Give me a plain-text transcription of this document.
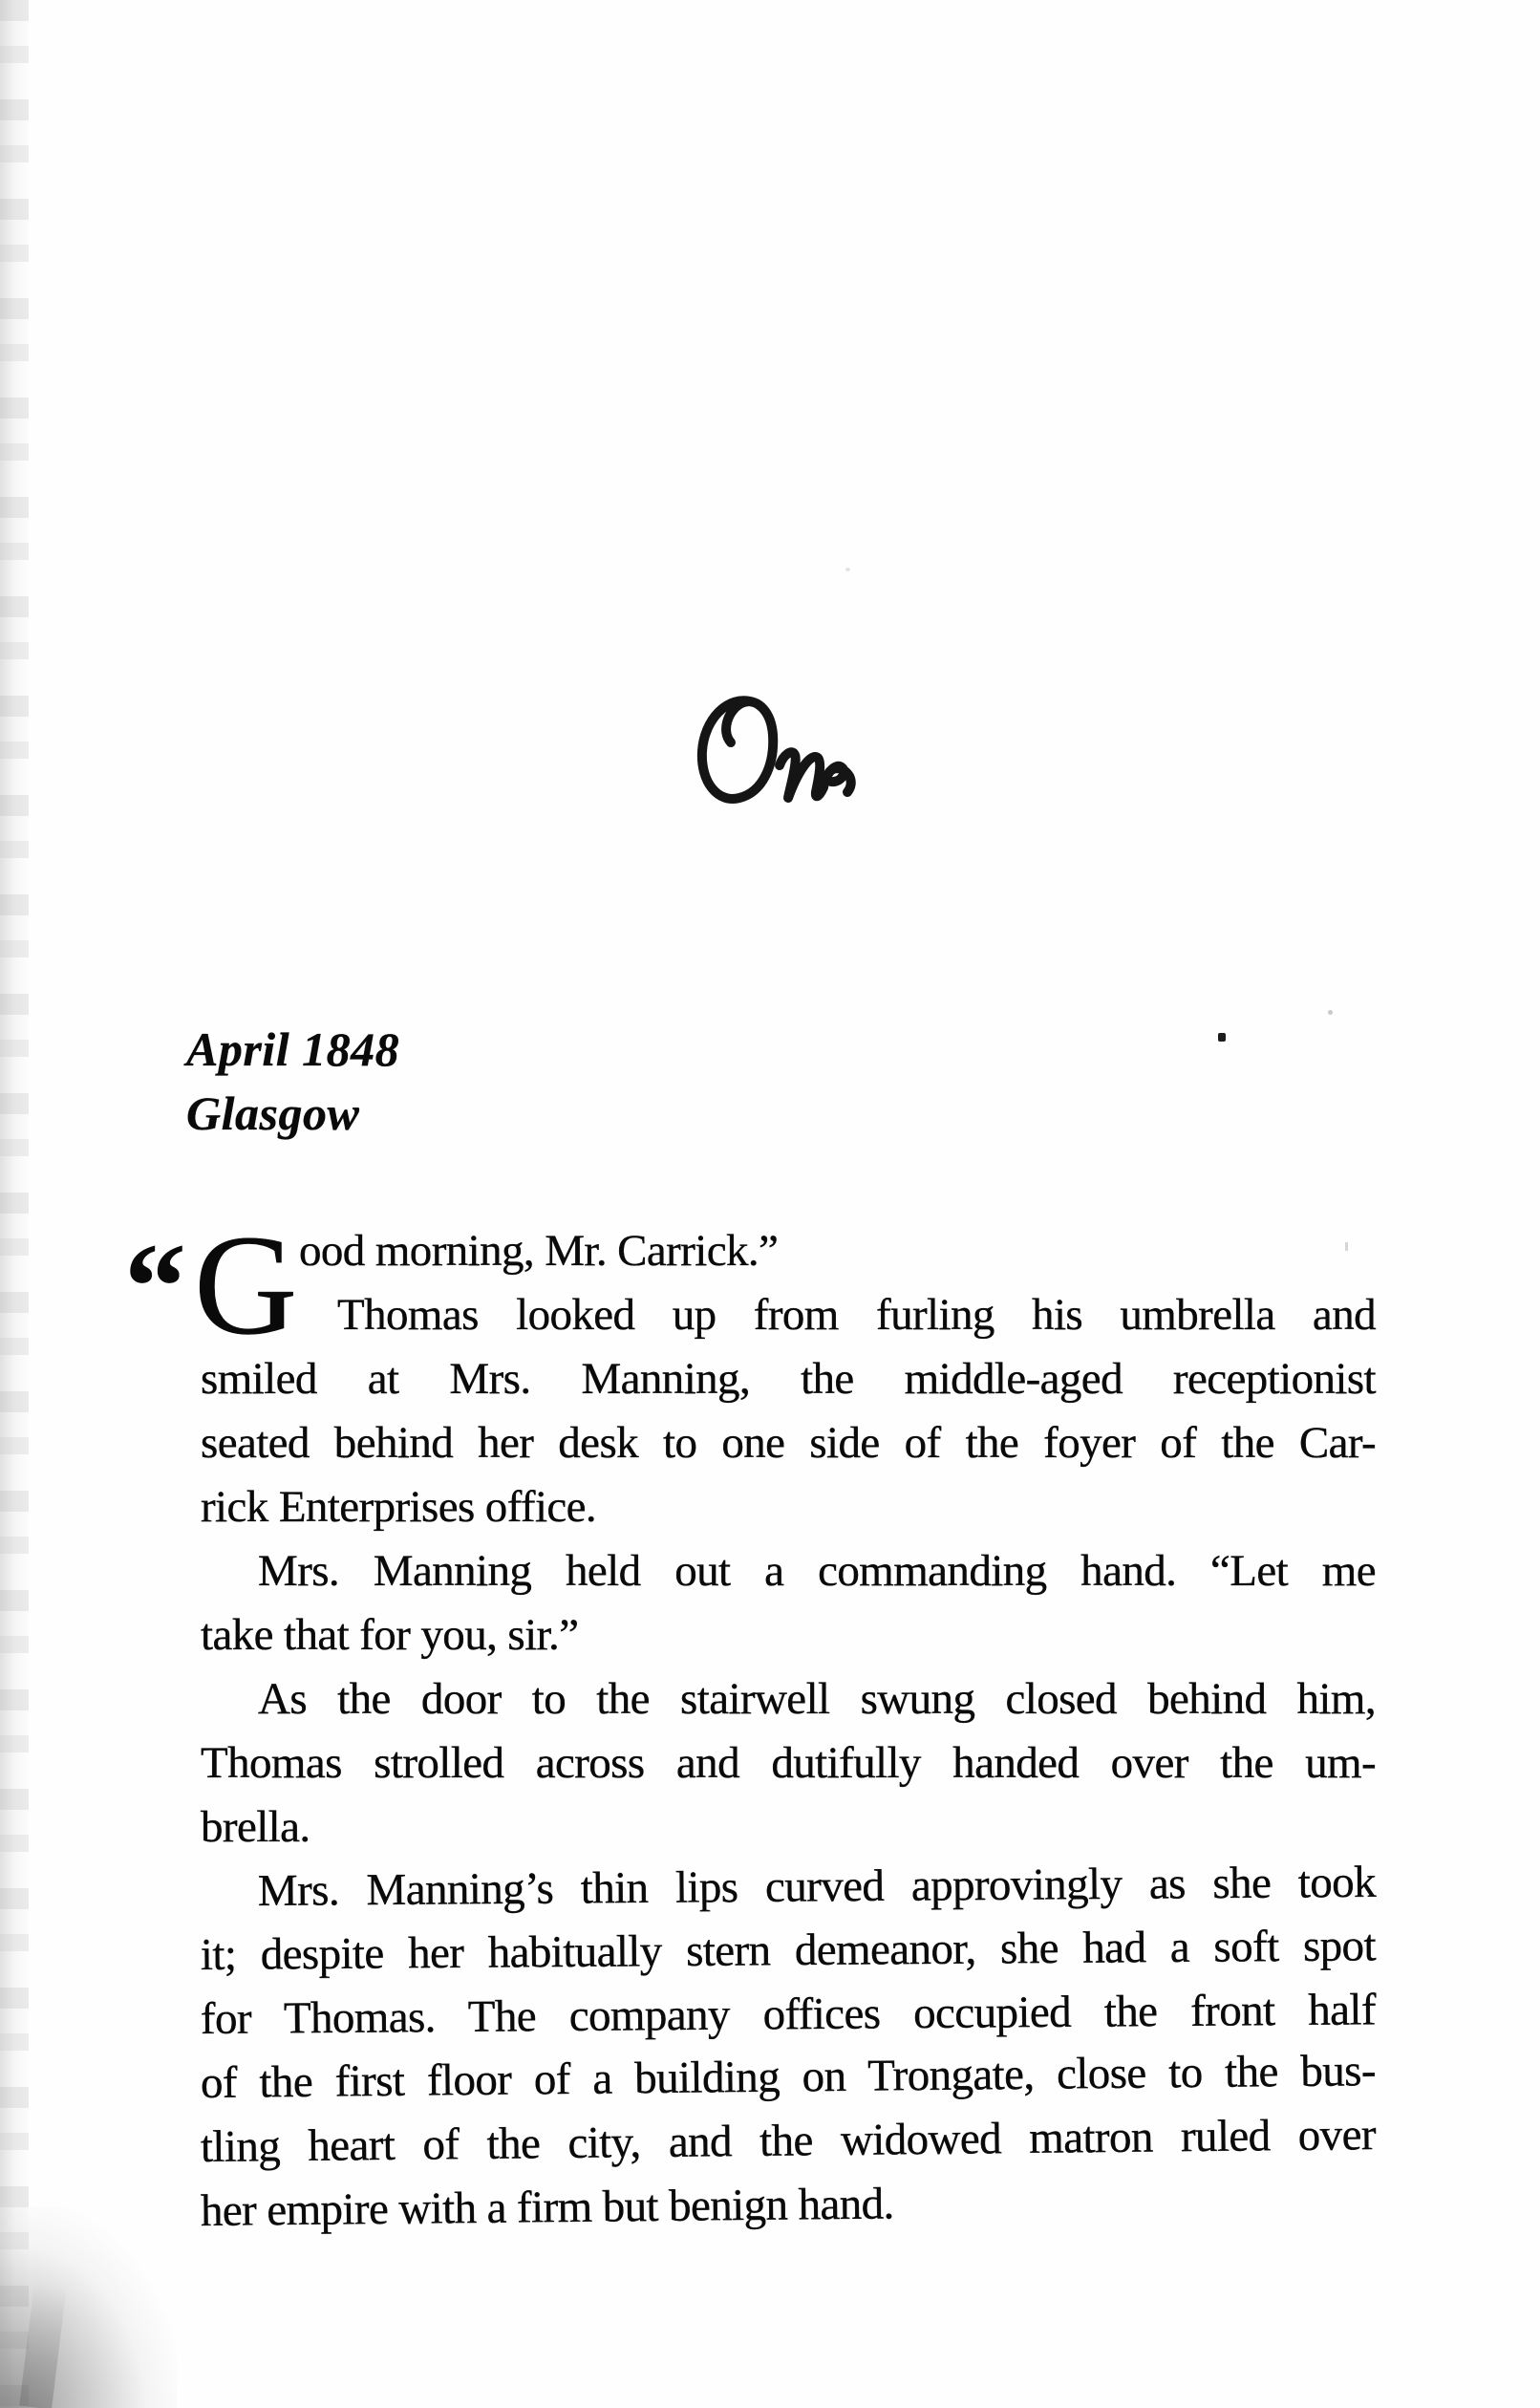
April 1848
Glasgow
“ G ood morning, Mr. Carrick.”
Thomas looked up from furling his umbrella and
smiled at Mrs. Manning, the middle-aged receptionist
seated behind her desk to one side of the foyer of the Car-
rick Enterprises office.
Mrs. Manning held out a commanding hand. “Let me
take that for you, sir.”
As the door to the stairwell swung closed behind him,
Thomas strolled across and dutifully handed over the um-
brella.
Mrs. Manning’s thin lips curved approvingly as she took
it; despite her habitually stern demeanor, she had a soft spot
for Thomas. The company offices occupied the front half
of the first floor of a building on Trongate, close to the bus-
tling heart of the city, and the widowed matron ruled over
her empire with a firm but benign hand.
